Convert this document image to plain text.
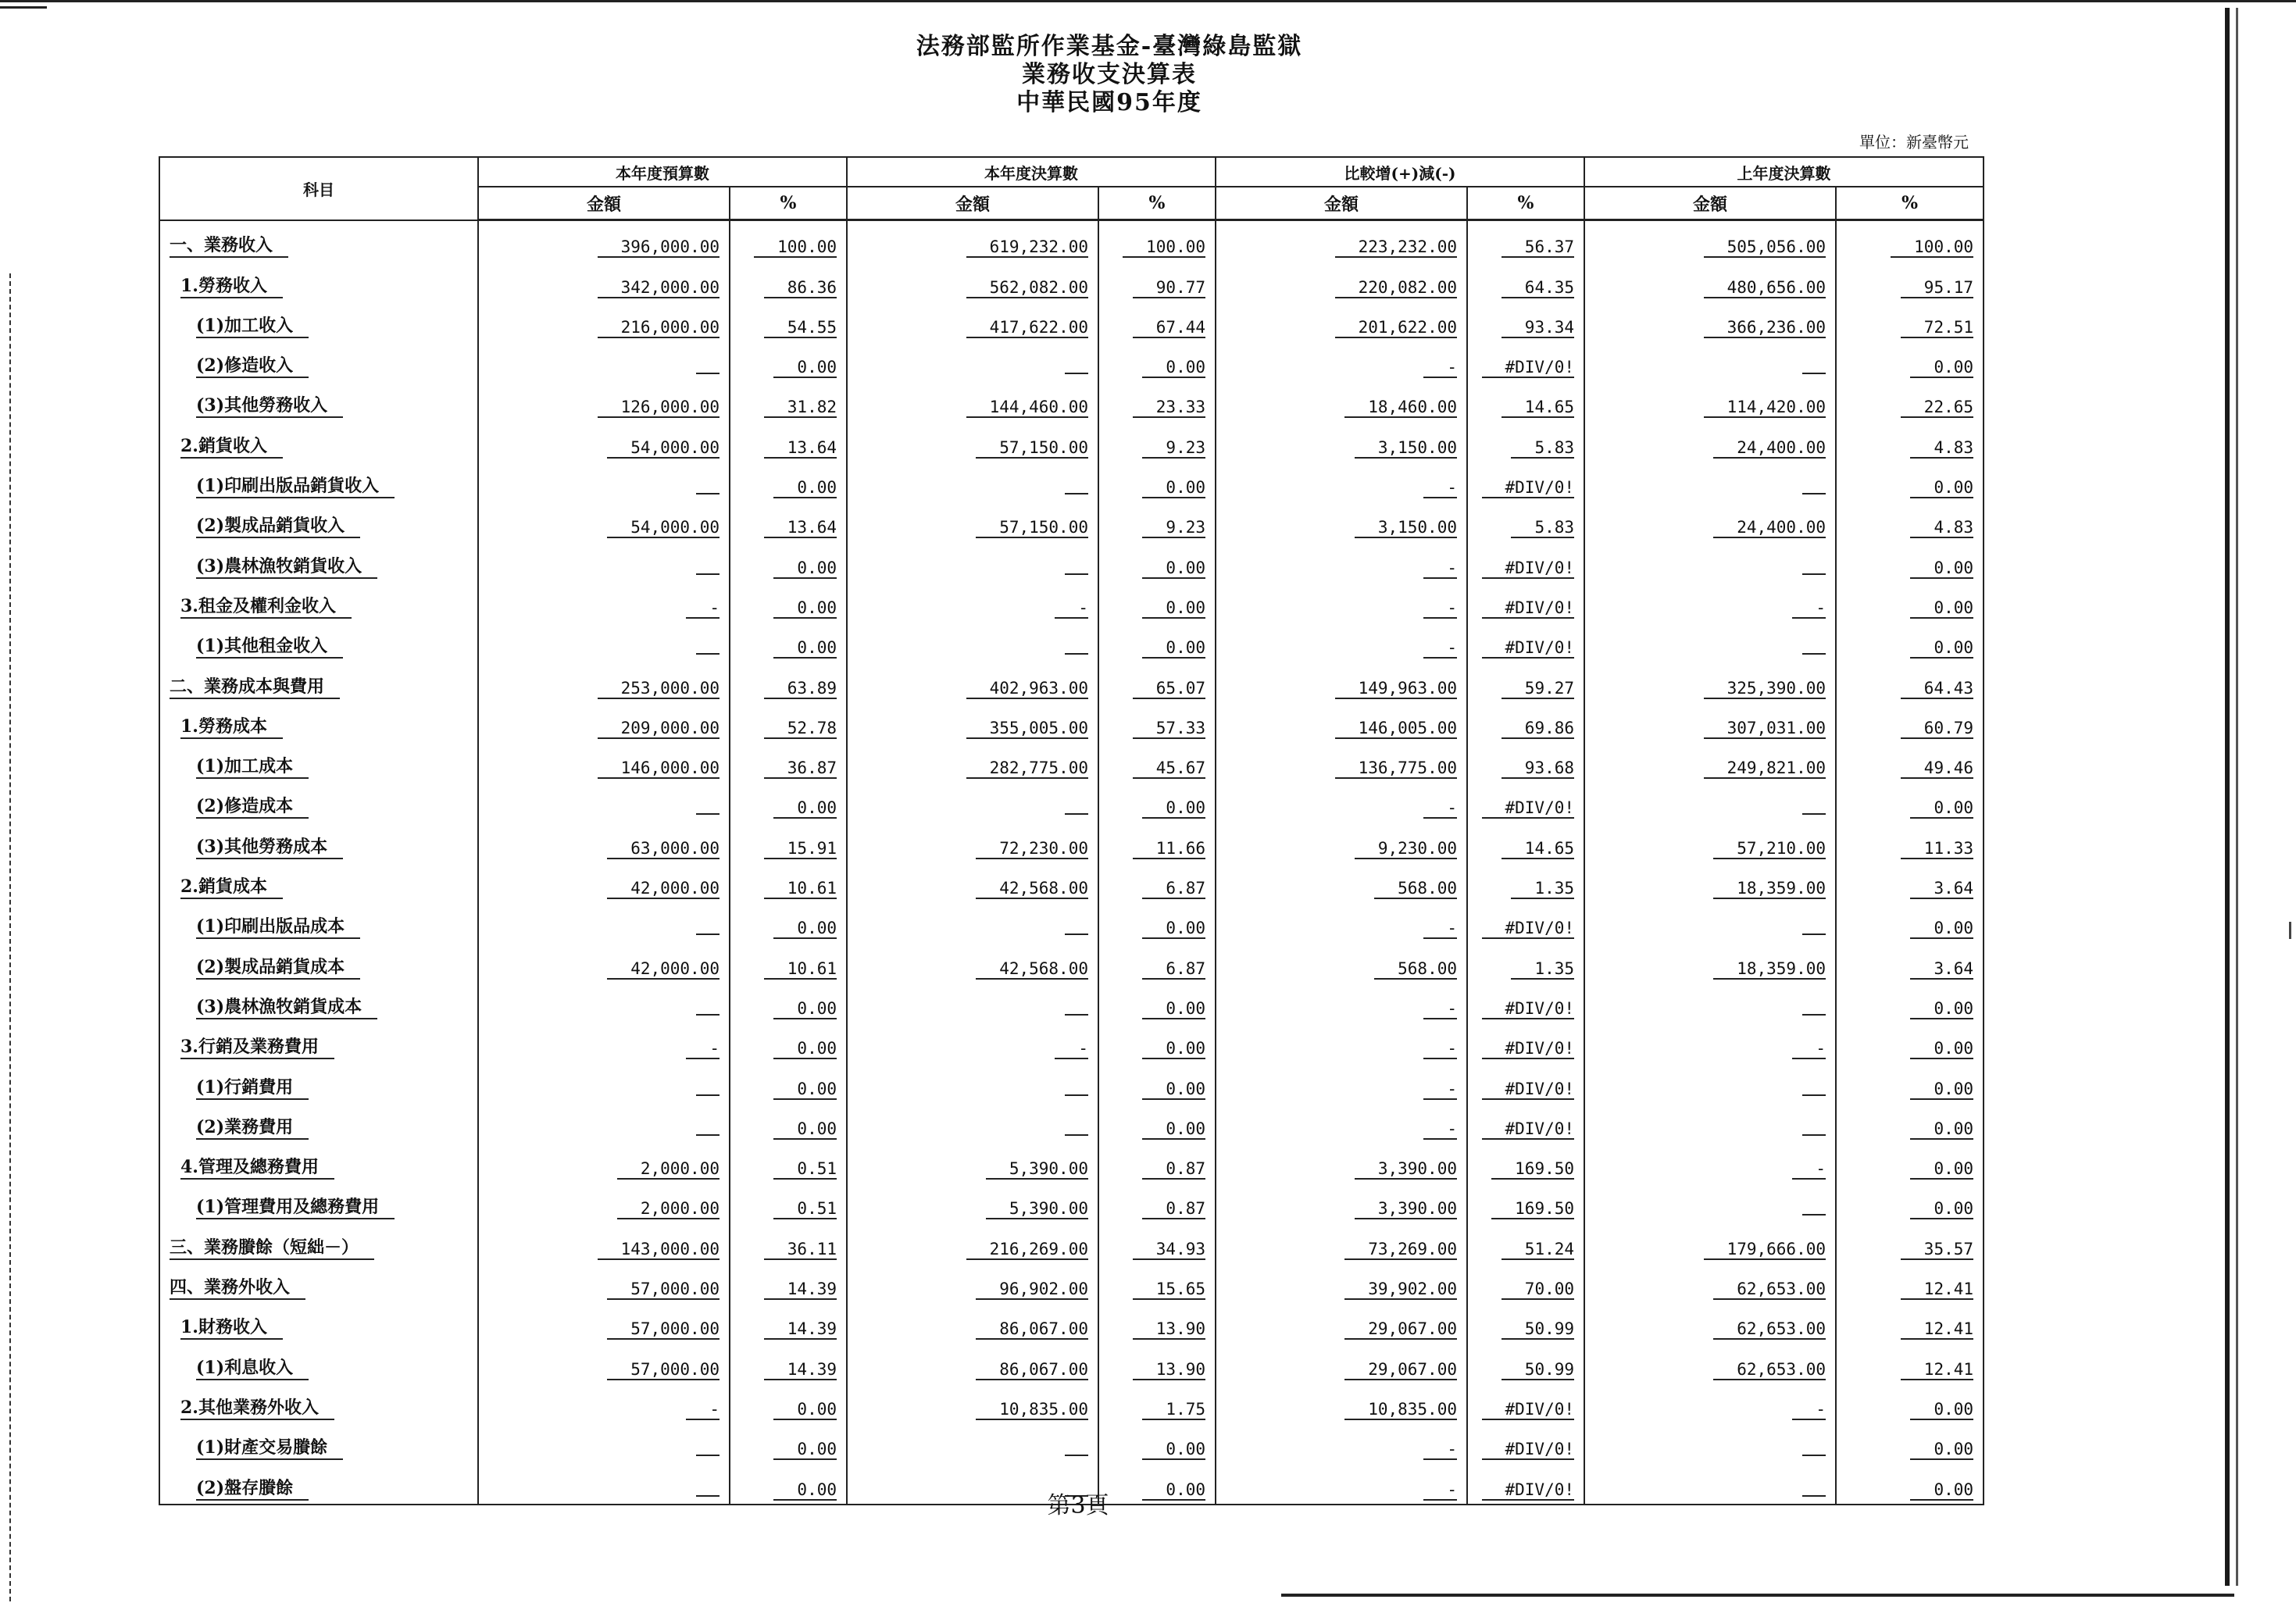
法務部監所作業基金-臺灣綠島監獄
業務收支決算表
中華民國95年度
單位：新臺幣元
科目	本年度預算數		本年度決算數		比較增(+)減(-)		上年度決算數	
	金額	%	金額	%	金額	%	金額	%
一、業務收入	396,000.00	100.00	619,232.00	100.00	223,232.00	56.37	505,056.00	100.00
1.勞務收入	342,000.00	86.36	562,082.00	90.77	220,082.00	64.35	480,656.00	95.17
(1)加工收入	216,000.00	54.55	417,622.00	67.44	201,622.00	93.34	366,236.00	72.51
(2)修造收入		0.00		0.00	-	#DIV/0!		0.00
(3)其他勞務收入	126,000.00	31.82	144,460.00	23.33	18,460.00	14.65	114,420.00	22.65
2.銷貨收入	54,000.00	13.64	57,150.00	9.23	3,150.00	5.83	24,400.00	4.83
(1)印刷出版品銷貨收入		0.00		0.00	-	#DIV/0!		0.00
(2)製成品銷貨收入	54,000.00	13.64	57,150.00	9.23	3,150.00	5.83	24,400.00	4.83
(3)農林漁牧銷貨收入		0.00		0.00	-	#DIV/0!		0.00
3.租金及權利金收入	-	0.00	-	0.00	-	#DIV/0!	-	0.00
(1)其他租金收入		0.00		0.00	-	#DIV/0!		0.00
二、業務成本與費用	253,000.00	63.89	402,963.00	65.07	149,963.00	59.27	325,390.00	64.43
1.勞務成本	209,000.00	52.78	355,005.00	57.33	146,005.00	69.86	307,031.00	60.79
(1)加工成本	146,000.00	36.87	282,775.00	45.67	136,775.00	93.68	249,821.00	49.46
(2)修造成本		0.00		0.00	-	#DIV/0!		0.00
(3)其他勞務成本	63,000.00	15.91	72,230.00	11.66	9,230.00	14.65	57,210.00	11.33
2.銷貨成本	42,000.00	10.61	42,568.00	6.87	568.00	1.35	18,359.00	3.64
(1)印刷出版品成本		0.00		0.00	-	#DIV/0!		0.00
(2)製成品銷貨成本	42,000.00	10.61	42,568.00	6.87	568.00	1.35	18,359.00	3.64
(3)農林漁牧銷貨成本		0.00		0.00	-	#DIV/0!		0.00
3.行銷及業務費用	-	0.00	-	0.00	-	#DIV/0!	-	0.00
(1)行銷費用		0.00		0.00	-	#DIV/0!		0.00
(2)業務費用		0.00		0.00	-	#DIV/0!		0.00
4.管理及總務費用	2,000.00	0.51	5,390.00	0.87	3,390.00	169.50	-	0.00
(1)管理費用及總務費用	2,000.00	0.51	5,390.00	0.87	3,390.00	169.50		0.00
三、業務賸餘（短絀－）	143,000.00	36.11	216,269.00	34.93	73,269.00	51.24	179,666.00	35.57
四、業務外收入	57,000.00	14.39	96,902.00	15.65	39,902.00	70.00	62,653.00	12.41
1.財務收入	57,000.00	14.39	86,067.00	13.90	29,067.00	50.99	62,653.00	12.41
(1)利息收入	57,000.00	14.39	86,067.00	13.90	29,067.00	50.99	62,653.00	12.41
2.其他業務外收入	-	0.00	10,835.00	1.75	10,835.00	#DIV/0!	-	0.00
(1)財產交易賸餘		0.00		0.00	-	#DIV/0!		0.00
(2)盤存賸餘		0.00		0.00	-	#DIV/0!		0.00
第3頁
